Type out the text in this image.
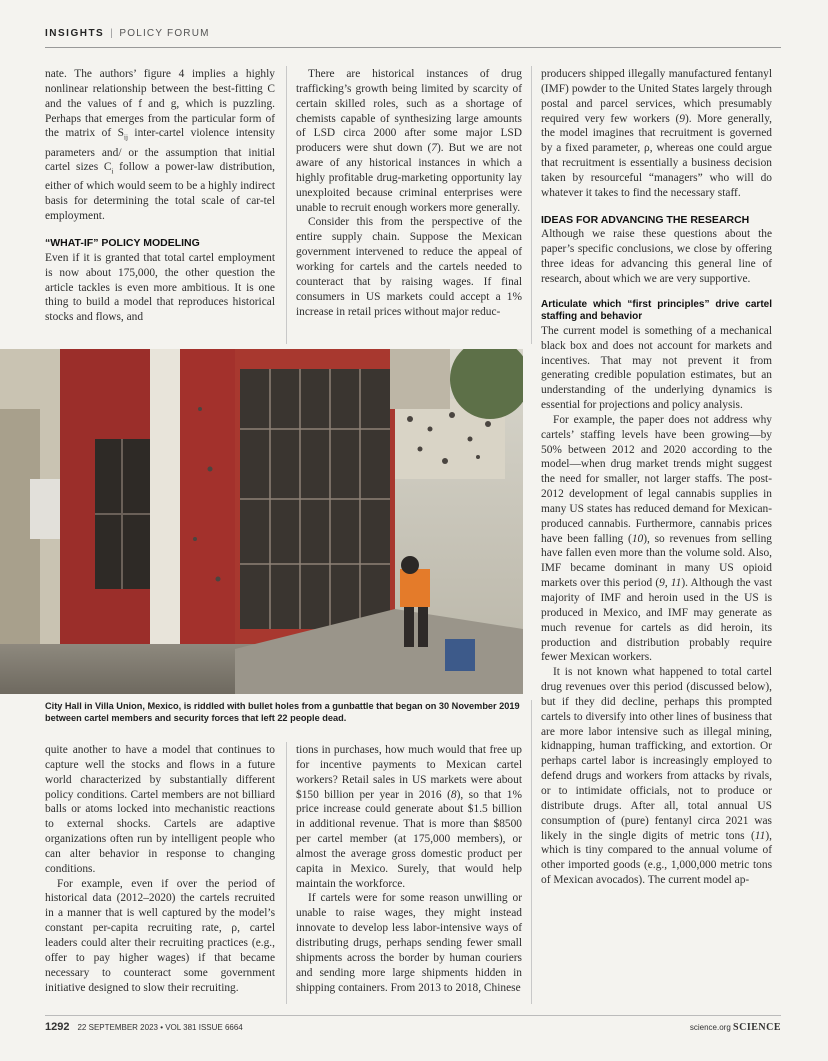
INSIGHTS | POLICY FORUM

nate. The authors’ figure 4 implies a highly nonlinear relationship between the best-fitting C and the values of f and g, which is puzzling. Perhaps that emerges from the particular form of the matrix of $S_{ij}$ inter-cartel violence intensity parameters and/ or the assumption that initial cartel sizes $C_i$ follow a power-law distribution, either of which would seem to be a highly indirect basis for determining the total scale of car-tel employment.

“WHAT-IF” POLICY MODELING

Even if it is granted that total cartel employment is now about 175,000, the other question the article tackles is even more ambitious. It is one thing to build a model that reproduces historical stocks and flows, and

There are historical instances of drug trafficking’s growth being limited by scarcity of certain skilled roles, such as a shortage of chemists capable of synthesizing large amounts of LSD circa 2000 after some major LSD producers were shut down (7). But we are not aware of any historical instances in which a highly profitable drug-marketing opportunity lay unexploited because criminal enterprises were unable to recruit enough workers more generally.

Consider this from the perspective of the entire supply chain. Suppose the Mexican government intervened to reduce the appeal of working for cartels and the cartels needed to counteract that by raising wages. If final consumers in US markets could accept a 1% increase in retail prices without major reduc-

producers shipped illegally manufactured fentanyl (IMF) powder to the United States largely through postal and parcel services, which presumably required very few workers (9). More generally, the model imagines that recruitment is governed by a fixed parameter, ρ, whereas one could argue that recruitment is essentially a business decision taken by resourceful “managers” who will do whatever it takes to find the necessary staff.

IDEAS FOR ADVANCING THE RESEARCH

Although we raise these questions about the paper’s specific conclusions, we close by offering three ideas for advancing this general line of research, about which we are very supportive.

Articulate which “first principles” drive cartel staffing and behavior

The current model is something of a mechanical black box and does not account for markets and incentives. That may not prevent it from generating credible population estimates, but an understanding of the underlying dynamics is essential for projections and policy analysis.

For example, the paper does not address why cartels’ staffing levels have been growing—by 50% between 2012 and 2020 according to the model—when drug market trends might suggest the need for smaller, not larger staffs. The post-2012 development of legal cannabis supplies in many US states has reduced demand for Mexican-produced cannabis. Furthermore, cannabis prices have been falling (10), so revenues from selling have fallen even more than the volume sold. Also, IMF became dominant in many US opioid markets over this period (9, 11). Although the vast majority of IMF and heroin used in the US is produced in Mexico, and IMF may generate as much revenue for cartels as did heroin, its production and distribution probably require fewer Mexican workers.

It is not known what happened to total cartel drug revenues over this period (discussed below), but if they did decline, perhaps this prompted cartels to diversify into other lines of business that are more labor intensive such as illegal mining, kidnapping, human trafficking, and extortion. Or perhaps cartel labor is increasingly employed to defend drugs and workers from attacks by rivals, or to intimidate officials, not to produce or distribute drugs. After all, total annual US consumption of (pure) fentanyl circa 2021 was likely in the single digits of metric tons (11), which is tiny compared to the annual volume of other imported goods (e.g., 1,000,000 metric tons of Mexican avocados). The current model ap-

City Hall in Villa Union, Mexico, is riddled with bullet holes from a gunbattle that began on 30 November 2019 between cartel members and security forces that left 22 people dead.

quite another to have a model that continues to capture well the stocks and flows in a future world characterized by substantially different policy conditions. Cartel members are not billiard balls or atoms locked into mechanistic reactions to external shocks. Cartels are adaptive organizations often run by intelligent people who can alter behavior in response to changing conditions.

For example, even if over the period of historical data (2012–2020) the cartels recruited in a manner that is well captured by the model’s constant per-capita recruiting rate, ρ, cartel leaders could alter their recruiting practices (e.g., offer to pay higher wages) if that became necessary to counteract some government initiative designed to slow their recruiting.

tions in purchases, how much would that free up for incentive payments to Mexican cartel workers? Retail sales in US markets were about $150 billion per year in 2016 (8), so that 1% price increase could generate about $1.5 billion in additional revenue. That is more than $8500 per cartel member (at 175,000 members), or almost the average gross domestic product per capita in Mexico. Surely, that would help maintain the workforce.

If cartels were for some reason unwilling or unable to raise wages, they might instead innovate to develop less labor-intensive ways of distributing drugs, perhaps sending fewer small shipments across the border by human couriers and sending more large shipments hidden in shipping containers. From 2013 to 2018, Chinese

1292 22 SEPTEMBER 2023 • VOL 381 ISSUE 6664	science.org SCIENCE
